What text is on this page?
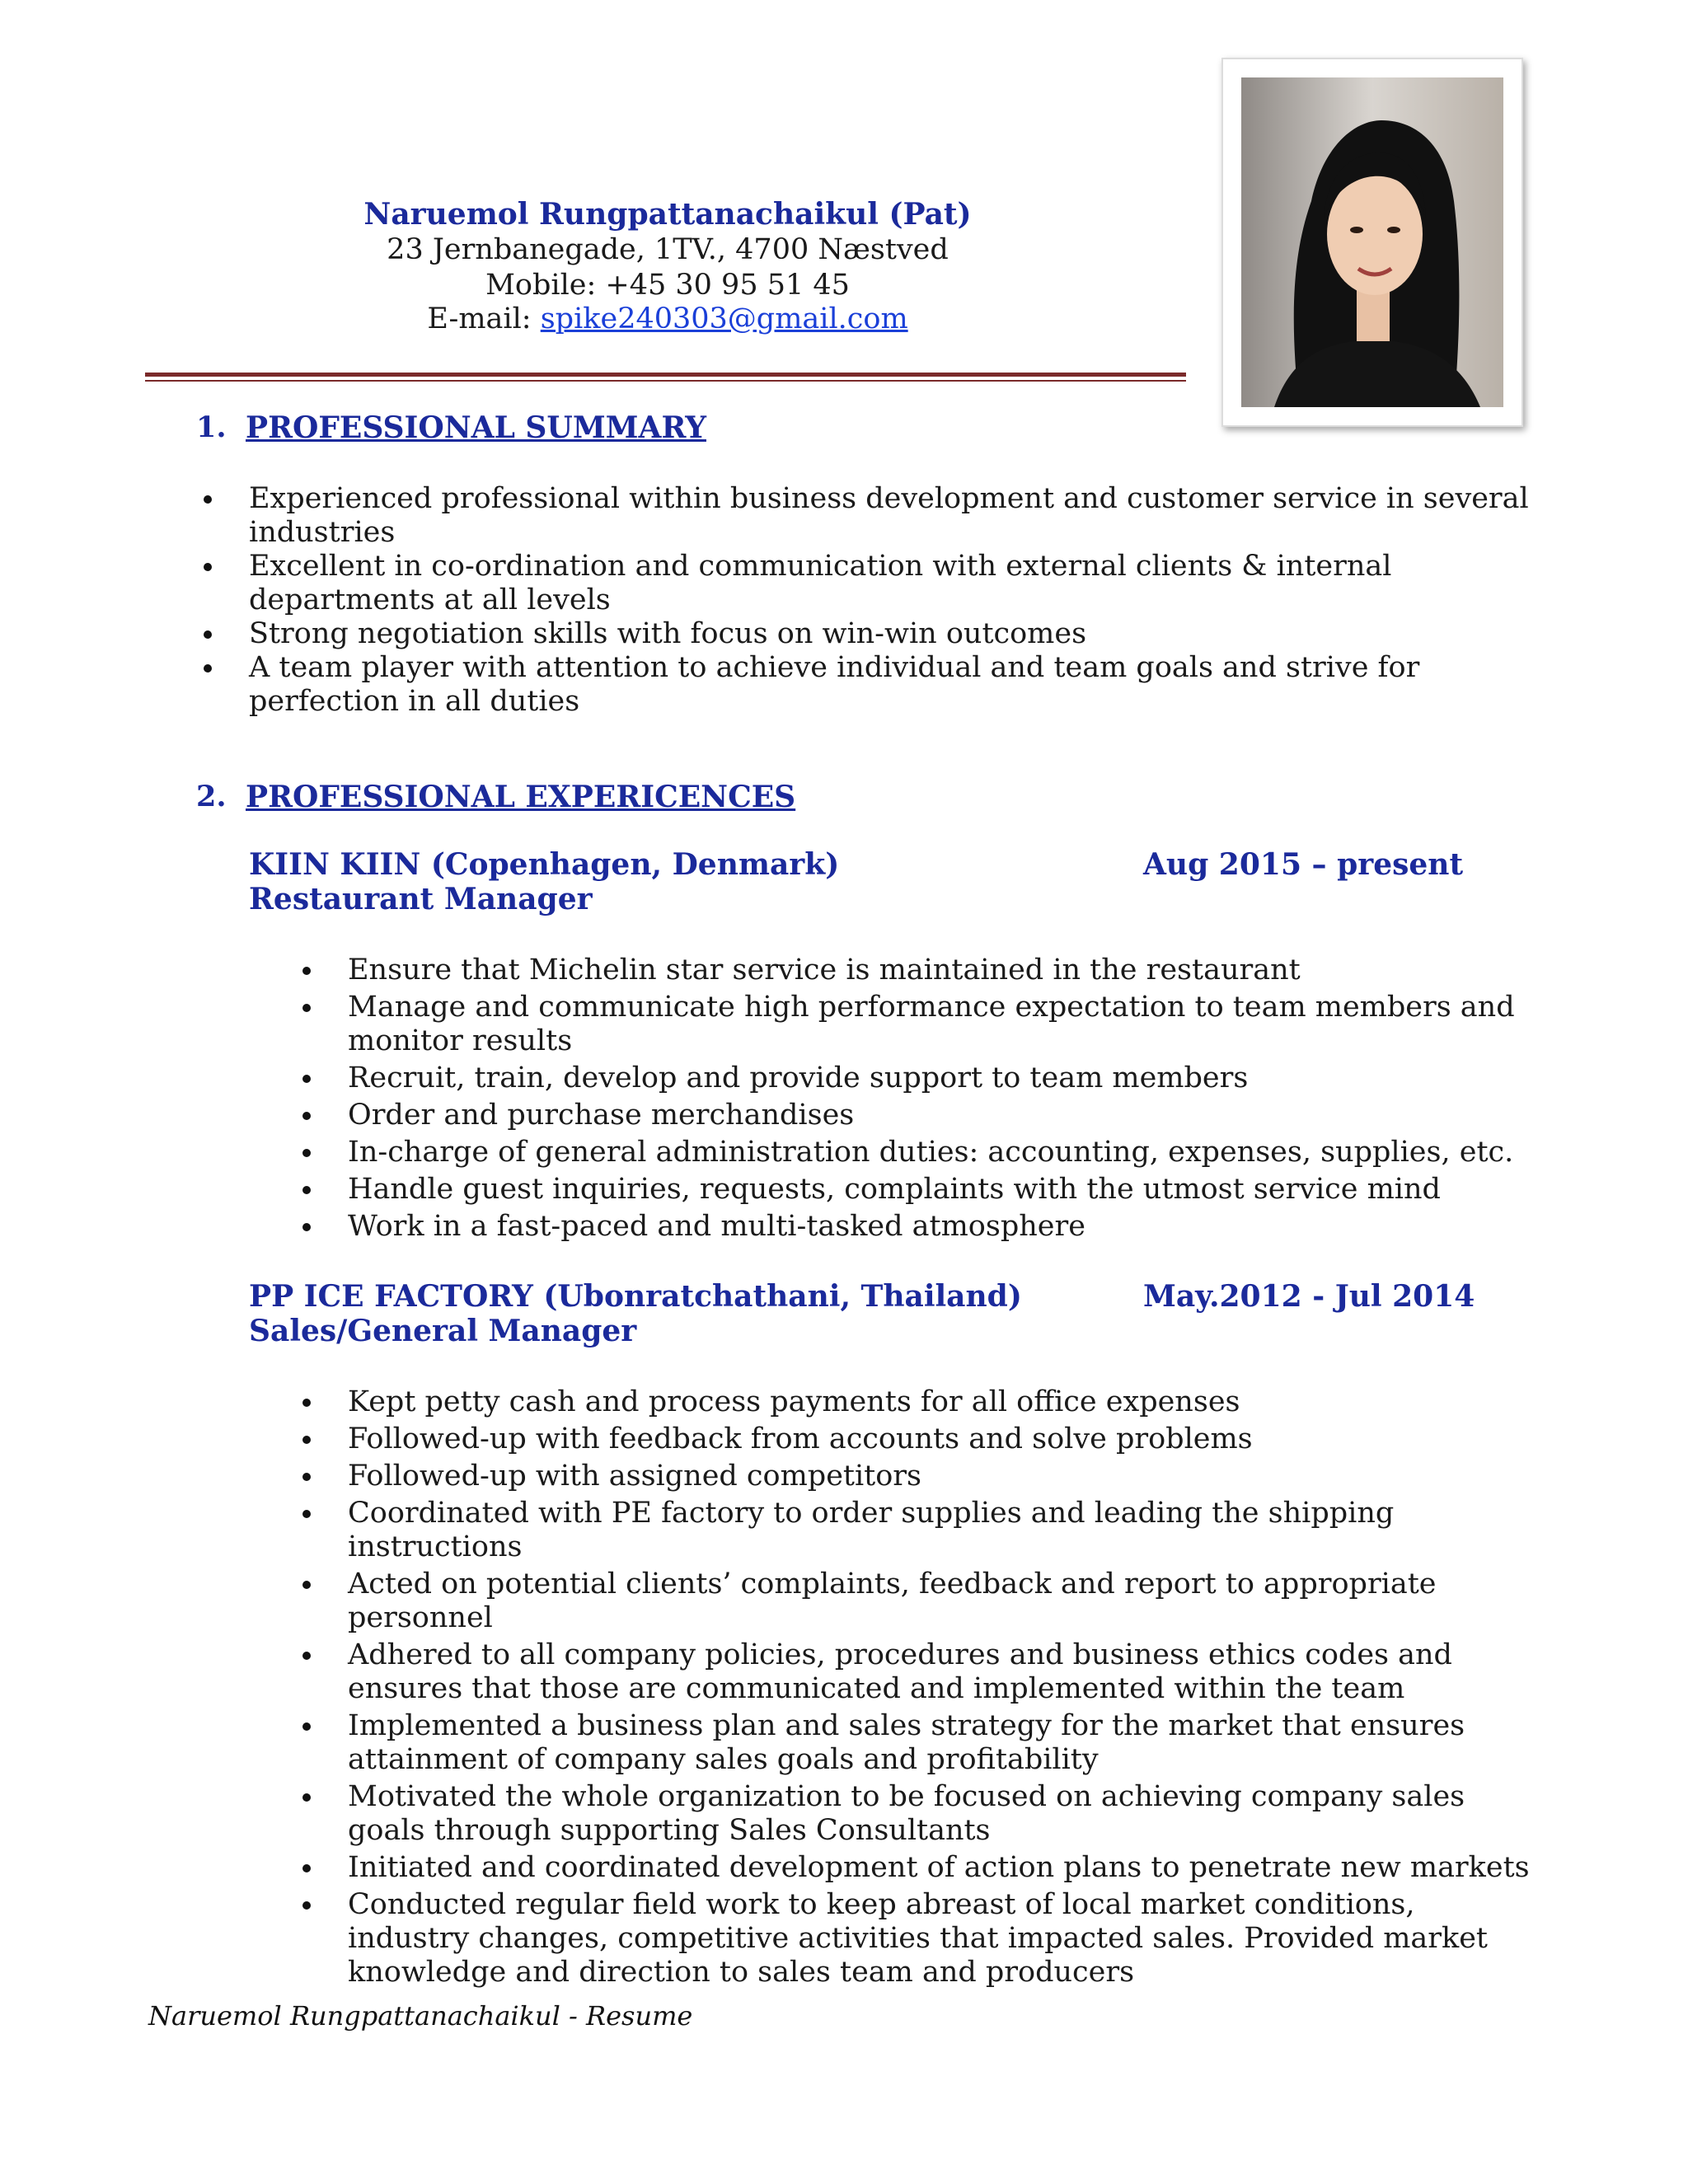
Naruemol Rungpattanachaikul (Pat)
23 Jernbanegade, 1TV., 4700 Næstved
Mobile: +45 30 95 51 45
E-mail: spike240303@gmail.com
1. PROFESSIONAL SUMMARY
Experienced professional within business development and customer service in several industries
Excellent in co-ordination and communication with external clients & internal departments at all levels
Strong negotiation skills with focus on win-win outcomes
A team player with attention to achieve individual and team goals and strive for perfection in all duties
2. PROFESSIONAL EXPERICENCES
KIIN KIIN (Copenhagen, Denmark)	Aug 2015 – present
Restaurant Manager
Ensure that Michelin star service is maintained in the restaurant
Manage and communicate high performance expectation to team members and monitor results
Recruit, train, develop and provide support to team members
Order and purchase merchandises
In-charge of general administration duties: accounting, expenses, supplies, etc.
Handle guest inquiries, requests, complaints with the utmost service mind
Work in a fast-paced and multi-tasked atmosphere
PP ICE FACTORY (Ubonratchathani, Thailand)	May.2012 - Jul 2014
Sales/General Manager
Kept petty cash and process payments for all office expenses
Followed-up with feedback from accounts and solve problems
Followed-up with assigned competitors
Coordinated with PE factory to order supplies and leading the shipping instructions
Acted on potential clients’ complaints, feedback and report to appropriate personnel
Adhered to all company policies, procedures and business ethics codes and ensures that those are communicated and implemented within the team
Implemented a business plan and sales strategy for the market that ensures attainment of company sales goals and profitability
Motivated the whole organization to be focused on achieving company sales goals through supporting Sales Consultants
Initiated and coordinated development of action plans to penetrate new markets
Conducted regular field work to keep abreast of local market conditions, industry changes, competitive activities that impacted sales. Provided market knowledge and direction to sales team and producers
Naruemol Rungpattanachaikul - Resume
